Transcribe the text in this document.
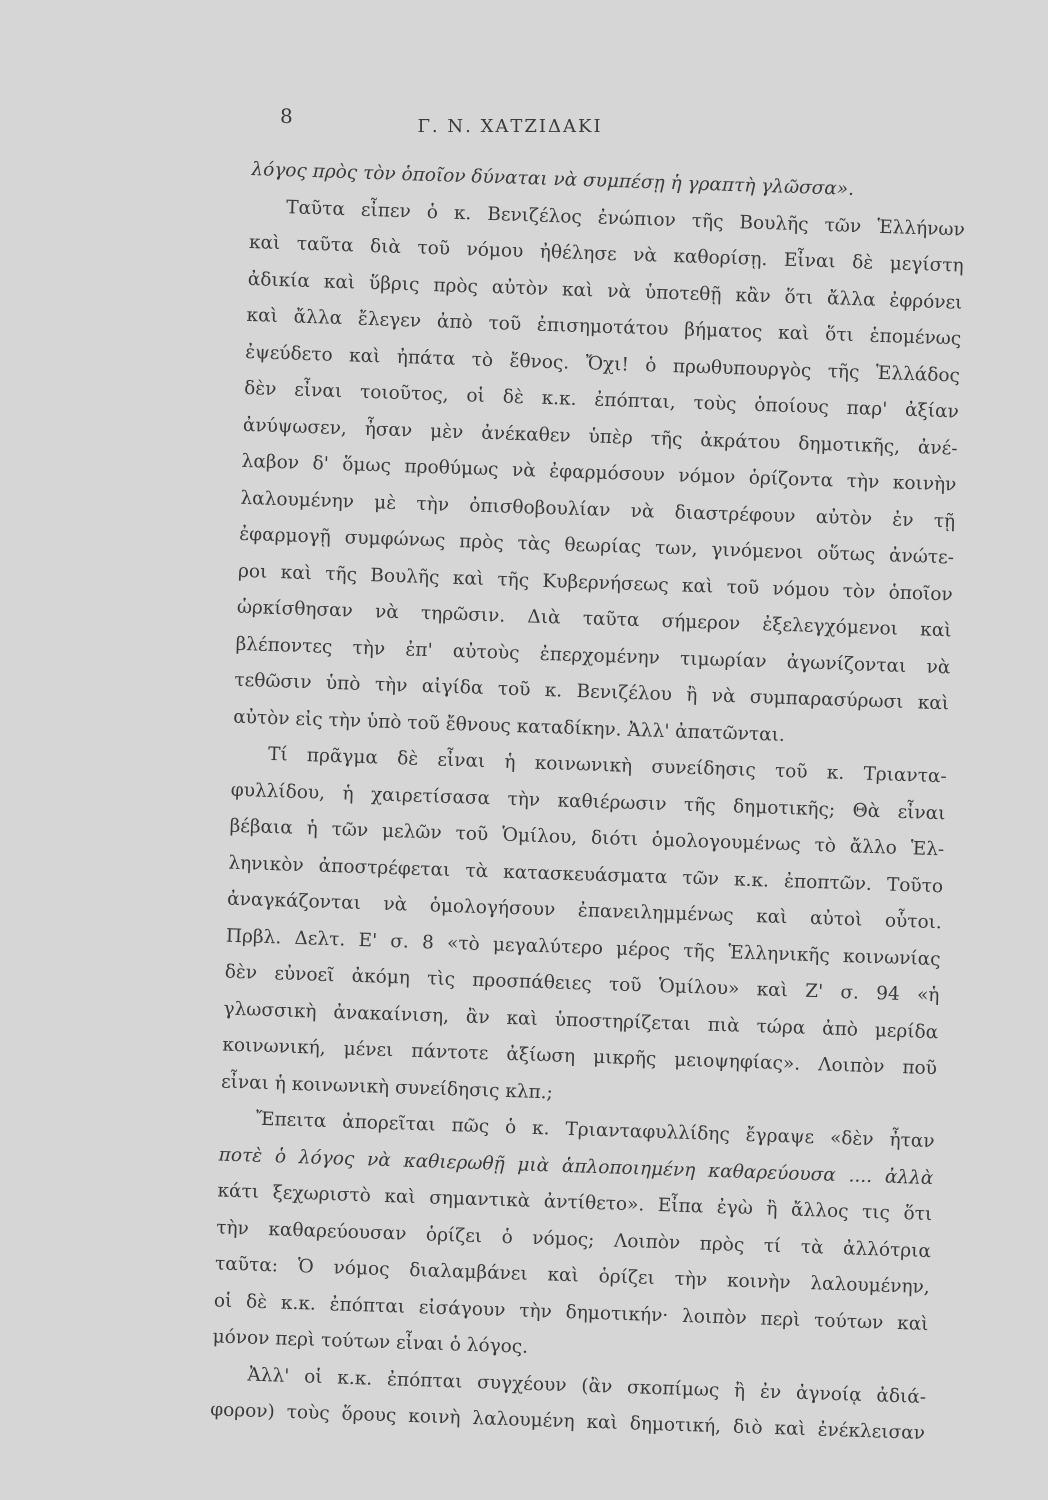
8	Γ. Ν. ΧΑΤΖΙΔΑΚΙ
λόγος πρὸς τὸν ὁποῖον δύναται νὰ συμπέσῃ ἡ γραπτὴ γλῶσσα».
Ταῦτα εἶπεν ὁ κ. Βενιζέλος ἐνώπιον τῆς Βουλῆς τῶν Ἑλλήνων
καὶ ταῦτα διὰ τοῦ νόμου ἠθέλησε νὰ καθορίσῃ. Εἶναι δὲ μεγίστη
ἀδικία καὶ ὕβρις πρὸς αὐτὸν καὶ νὰ ὑποτεθῇ κἂν ὅτι ἄλλα ἐφρόνει
καὶ ἄλλα ἔλεγεν ἀπὸ τοῦ ἐπισημοτάτου βήματος καὶ ὅτι ἑπομένως
ἐψεύδετο καὶ ἠπάτα τὸ ἔθνος. Ὄχι! ὁ πρωθυπουργὸς τῆς Ἑλλάδος
δὲν εἶναι τοιοῦτος, οἱ δὲ κ.κ. ἐπόπται, τοὺς ὁποίους παρ' ἀξίαν
ἀνύψωσεν, ἦσαν μὲν ἀνέκαθεν ὑπὲρ τῆς ἀκράτου δημοτικῆς, ἀνέ-
λαβον δ' ὅμως προθύμως νὰ ἐφαρμόσουν νόμον ὁρίζοντα τὴν κοινὴν
λαλουμένην μὲ τὴν ὀπισθοβουλίαν νὰ διαστρέφουν αὐτὸν ἐν τῇ
ἐφαρμογῇ συμφώνως πρὸς τὰς θεωρίας των, γινόμενοι οὕτως ἀνώτε-
ροι καὶ τῆς Βουλῆς καὶ τῆς Κυβερνήσεως καὶ τοῦ νόμου τὸν ὁποῖον
ὡρκίσθησαν νὰ τηρῶσιν. Διὰ ταῦτα σήμερον ἐξελεγχόμενοι καὶ
βλέποντες τὴν ἐπ' αὐτοὺς ἐπερχομένην τιμωρίαν ἀγωνίζονται νὰ
τεθῶσιν ὑπὸ τὴν αἰγίδα τοῦ κ. Βενιζέλου ἢ νὰ συμπαρασύρωσι καὶ
αὐτὸν εἰς τὴν ὑπὸ τοῦ ἔθνους καταδίκην. Ἀλλ' ἀπατῶνται.
Τί πρᾶγμα δὲ εἶναι ἡ κοινωνικὴ συνείδησις τοῦ κ. Τριαντα-
φυλλίδου, ἡ χαιρετίσασα τὴν καθιέρωσιν τῆς δημοτικῆς; Θὰ εἶναι
βέβαια ἡ τῶν μελῶν τοῦ Ὁμίλου, διότι ὁμολογουμένως τὸ ἄλλο Ἑλ-
ληνικὸν ἀποστρέφεται τὰ κατασκευάσματα τῶν κ.κ. ἐποπτῶν. Τοῦτο
ἀναγκάζονται νὰ ὁμολογήσουν ἐπανειλημμένως καὶ αὐτοὶ οὗτοι.
Πρβλ. Δελτ. Ε' σ. 8 «τὸ μεγαλύτερο μέρος τῆς Ἑλληνικῆς κοινωνίας
δὲν εὐνοεῖ ἀκόμη τὶς προσπάθειες τοῦ Ὁμίλου» καὶ Ζ' σ. 94 «ἡ
γλωσσικὴ ἀνακαίνιση, ἂν καὶ ὑποστηρίζεται πιὰ τώρα ἀπὸ μερίδα
κοινωνική, μένει πάντοτε ἀξίωση μικρῆς μειοψηφίας». Λοιπὸν ποῦ
εἶναι ἡ κοινωνικὴ συνείδησις κλπ.;
Ἔπειτα ἀπορεῖται πῶς ὁ κ. Τριανταφυλλίδης ἔγραψε «δὲν ἦταν
ποτὲ ὁ λόγος νὰ καθιερωθῇ μιὰ ἁπλοποιημένη καθαρεύουσα .... ἀλλὰ
κάτι ξεχωριστὸ καὶ σημαντικὰ ἀντίθετο». Εἶπα ἐγὼ ἢ ἄλλος τις ὅτι
τὴν καθαρεύουσαν ὁρίζει ὁ νόμος; Λοιπὸν πρὸς τί τὰ ἀλλότρια
ταῦτα: Ὁ νόμος διαλαμβάνει καὶ ὁρίζει τὴν κοινὴν λαλουμένην,
οἱ δὲ κ.κ. ἐπόπται εἰσάγουν τὴν δημοτικήν· λοιπὸν περὶ τούτων καὶ
μόνον περὶ τούτων εἶναι ὁ λόγος.
Ἀλλ' οἱ κ.κ. ἐπόπται συγχέουν (ἂν σκοπίμως ἢ ἐν ἀγνοίᾳ ἀδιά-
φορον) τοὺς ὅρους κοινὴ λαλουμένη καὶ δημοτική, διὸ καὶ ἐνέκλεισαν
